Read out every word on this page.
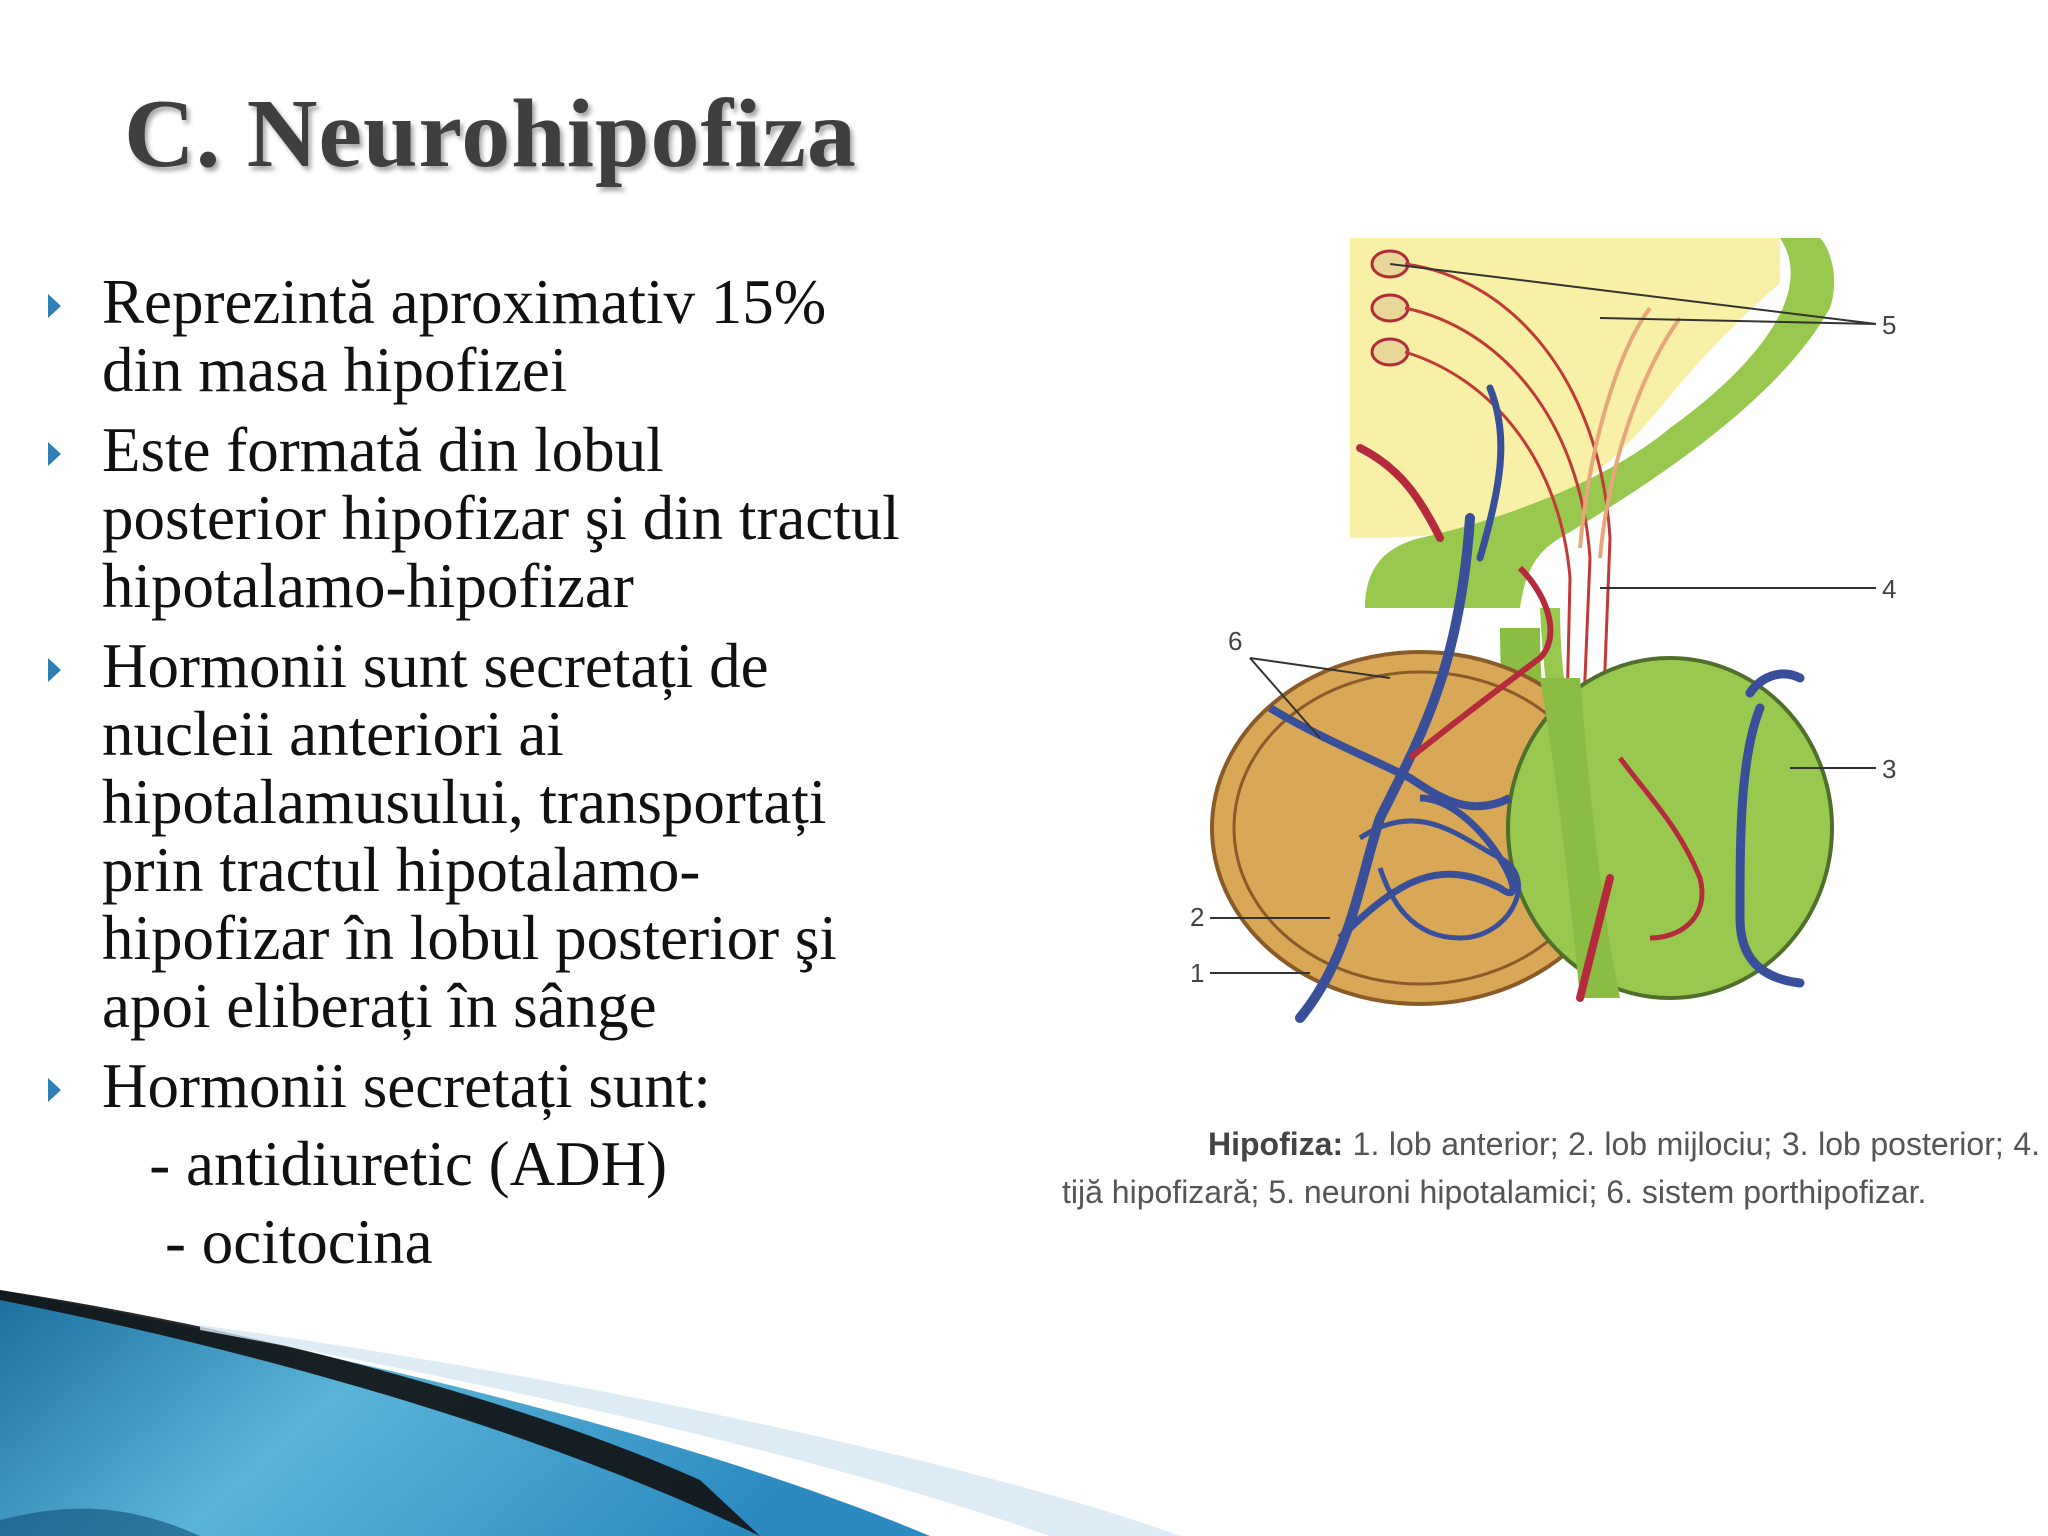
C. Neurohipofiza
Reprezintă aproximativ 15%
din masa hipofizei
Este formată din lobul
posterior hipofizar şi din tractul
hipotalamo-hipofizar
Hormonii sunt secretați de
nucleii anteriori ai
hipotalamusului, transportați
prin tractul hipotalamo-
hipofizar în lobul posterior şi
apoi eliberați în sânge
Hormonii secretați sunt:
- antidiuretic (ADH)
- ocitocina
5
4
6
3
2
1

Hipofiza: 1. lob anterior; 2. lob mijlociu; 3. lob posterior; 4. tijă hipofizară; 5. neuroni hipotalamici; 6. sistem porthipofizar.
